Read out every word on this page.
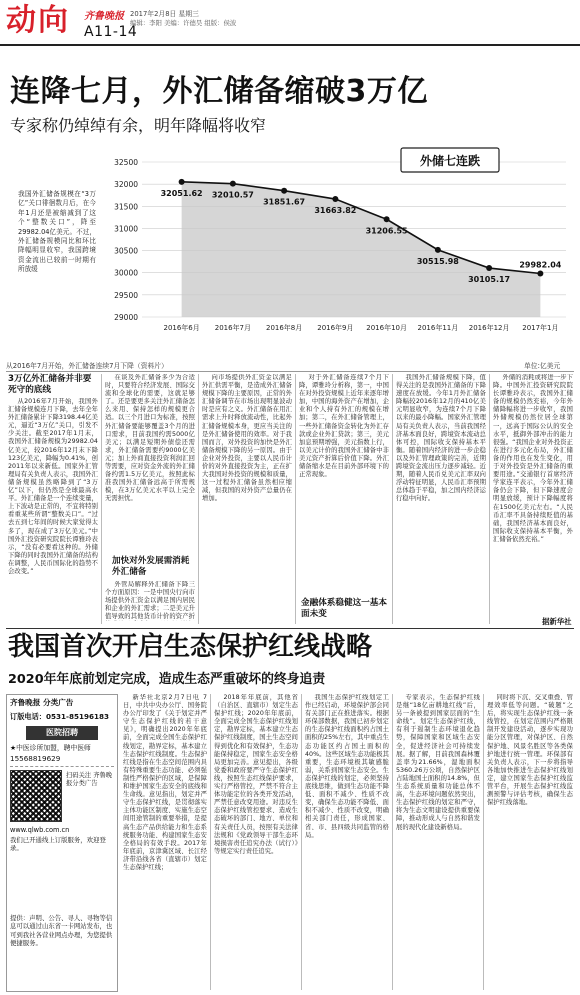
动向 齐鲁晚报 2017年2月8日 星期三
编辑：李阳 美编：许德昊 组版：侯波
A11-14
连降七月，外汇储备缩破3万亿
专家称仍绰绰有余，明年降幅将收窄
32500
32000
31500
31000
30500
30000
29500
29000
32051.62
2016年6月
32010.57
2016年7月
31851.67
2016年8月
31663.82
2016年9月
31206.55
2016年10月
30515.98
2016年11月
30105.17
2016年12月
29982.04
2017年1月
外储七连跌
我国外汇储备规模在“3万亿”关口徘徊数月后，在今年1月还是被缩减到了这个“整数关口”，降至29982.04亿美元。不过，外汇储备规模同比和环比降幅明显收窄，我国跨境资金流出已较前一时期有所放缓
从2016年7月开始，外汇储备连续7月下降（资料片）	单位:亿美元
3万亿外汇储备并非要死守的底线
从2016年7月开始，我国外汇储备规模连月下降，去年全年外汇储备累计下降3198.44亿美元，逼近“3万亿”关口，引发不少关注。截至2017年1月末，我国外汇储备规模为29982.04亿美元，较2016年12月末下降123亿美元，降幅为0.41%，创2011年以来新低。国家外汇管理局有关负责人表示，我国外汇储备规模虽然略降到了“3万亿”以下，但仍然是全球最高水平。外汇储备是一个连续变量，上下波动是正常的，不宜将特别看重某些所谓“整数关口”。“过去五到七年间的时候大家觉得太多了，现在成了3万亿美元。”中国外汇投资研究院院长谭雅玲表示，“没有必要看这种的。外储下降的同时我国外汇储备的结构在调整，人民币国际化的趋势不会改变。”
在谈及外汇储备多少为合适时，只要符合经济发展、国际交流和全球化的需要，这就足够了。还是要更多关注外汇储备怎么来用、保持怎样的规模更合适。以三个月进口为标准，按照外汇储备要能够覆盖3个月的进口需求，目前我国约需5000亿美元；以满足短期外债偿还需求，外汇储备需要约9000亿美元；加上外商直接投资利润汇回等需要，应对资金外流的外汇储备约需1.5万亿美元，按照此标准我国外汇储备远高于所需规模，在3万亿美元水平以上完全无需担忧。
加快对外发展需消耗外汇储备
外管局解释外汇储备下降三个方面原因：一是中国央行向市场提供外汇资金以满足国内居民和企业的外汇需求；二是美元升值导致的其他货币计价的资产折
向市场提供外汇资金以满足外汇供需平衡，是造成外汇储备规模下降的主要原因，正常的外汇储备调节在市场出现明显波动时是应有之义。外汇储备在用汇需求上升时释放流动性，比起外汇储备规模本身，更应当关注的是外汇储备使用的效率。对于我国而言，对外投资的加快是外汇储备规模下降的另一原因。由于企业对外投资，主要以人民币计价的对外直接投资为主，正在扩大我国对外投资的规模和质量，这一过程外汇储备虽然相应缩减，但我国的对外资产总量仍在增加。
对于外汇储备连续7个月下降，谭雅玲分析称，第一，中国在对外投资规模上近年来逐年增加，中国的海外资产在增加，企业和个人持有外汇的规模在增加；第二，在外汇储备管理上，一些外汇储备资金转化为外汇存款或企业外汇贷款；第三，美元加息预期增强，美元指数上行，以美元计价的我国外汇储备中非美元资产折算后价值下降。外汇储备缩水是在目前外部环境下的正常现象。
金融体系稳健这一基本面未变
我国外汇储备规模下降，值得关注的是我国外汇储备的下降速度在放缓。今年1月外汇储备降幅较2016年12月的410亿美元明显收窄，为连续7个月下降以来的最小降幅。国家外汇管理局有关负责人表示，当前我国经济基本面良好，跨境资本流动总体可控，国际收支保持基本平衡。随着国内经济的进一步企稳以及外汇管理政策的完善，近期跨境资金流出压力逐步减轻。近期，随着人民币兑美元汇率双向浮动特征明显，人民币汇率预期总体趋于平稳，加之国内经济运行稳中向好。
外储的消耗或将进一步下降。中国外汇投资研究院院长谭雅玲表示，我国外汇储备的规模仍然充裕，今年外储降幅将进一步收窄，我国外储规模仍然位居全球第一，远高于国际公认的安全水平，抵御外部冲击的能力很强。“我国企业对外投资正在进行多元化布局，外汇储备的作用也在发生变化，用于对外投资是外汇储备的重要用途。”交通银行首席经济学家连平表示，今年外汇储备仍会下降，但下降速度会明显放缓，预计下降幅度将在1500亿美元左右。“人民币汇率不具备持续贬值的基础，我国经济基本面良好，国际收支保持基本平衡，外汇储备依然充裕。”
据新华社
我国首次开启生态保护红线战略
2020年年底前划定完成，造成生态严重破坏的终身追责
齐鲁晚报 分类广告
订版电话： 0531-85196183
医院招聘
★中医诊所加盟，聘中医师
15568819629
扫码关注 齐鲁晚报分类广告
www.qlwb.com.cn
我们已开通线上订版服务，欢迎登录。
提供：声明、公告、寻人、寻物等信息可以通过山东省一卡网站发布，也可到我社各营业网点办理，为您提供便捷服务。
新华社北京2月7日电 7日，中共中央办公厅、国务院办公厅印发了《关于划定并严守生态保护红线的若干意见》，明确提出2020年年底前，全面完成全国生态保护红线划定，勘界定标，基本建立生态保护红线制度。生态保护红线是指在生态空间范围内具有特殊重要生态功能、必须强制性严格保护的区域，是保障和维护国家生态安全的底线和生命线。意见指出，划定并严守生态保护红线，是贯彻落实主体功能区制度、实施生态空间用途管制的重要举措，是提高生态产品供给能力和生态系统服务功能、构建国家生态安全格局的有效手段。2017年年底前，京津冀区域、长江经济带沿线各省（直辖市）划定生态保护红线；
2018年年底前，其他省（自治区、直辖市）划定生态保护红线；2020年年底前，全面完成全国生态保护红线划定，勘界定标，基本建立生态保护红线制度，国土生态空间得到优化和有效保护，生态功能保持稳定，国家生态安全格局更加完善。意见提出，各级党委和政府要严守生态保护红线，按照生态红线保护要求，实行严格管控，严禁不符合主体功能定位的各类开发活动，严禁任意改变用途。对违反生态保护红线管控要求、造成生态破坏的部门、地方、单位和有关责任人员，按照有关法律法规和《党政领导干部生态环境损害责任追究办法（试行）》等规定实行责任追究。
我国生态保护红线划定工作已经启动，环境保护部会同有关部门正在推进落实。根据环保部数据，我国已初步划定的生态保护红线面积约占国土面积的25%左右，其中重点生态功能区约占国土面积的40%。这些区域生态功能极其重要，生态环境极其敏感脆弱，关系到国家生态安全。生态保护红线的划定，必须坚持底线思维，做到生态功能不降低、面积不减少、性质不改变，确保生态功能不降低、面积不减少、性质不改变，明确相关部门责任，形成国家、省、市、县四级共同监管的格局。
专家表示，生态保护红线是继“18亿亩耕地红线”后，另一条被提到国家层面的“生命线”。划定生态保护红线，有利于遏制生态环境退化趋势，保障国家和区域生态安全，促进经济社会可持续发展。据了解，目前我国森林覆盖率为21.66%，湿地面积5360.26万公顷，自然保护区占陆地国土面积的14.8%，但生态系统质量和功能总体不高，生态环境问题依然突出，生态保护红线的划定和严守，将为生态文明建设提供重要保障，推动形成人与自然和谐发展的现代化建设新格局。
同时将下沉、交叉重叠、管理效率低等问题。“破题”之后，将实现生态保护红线一条线管控，在划定范围内严格限制开发建设活动，逐步实现功能分区管理，对保护区、自然保护地、风景名胜区等各类保护地进行统一管理。环保部有关负责人表示，下一步将指导各地加快推进生态保护红线划定，建立国家生态保护红线监管平台，开展生态保护红线监测预警与评估考核，确保生态保护红线落地。
